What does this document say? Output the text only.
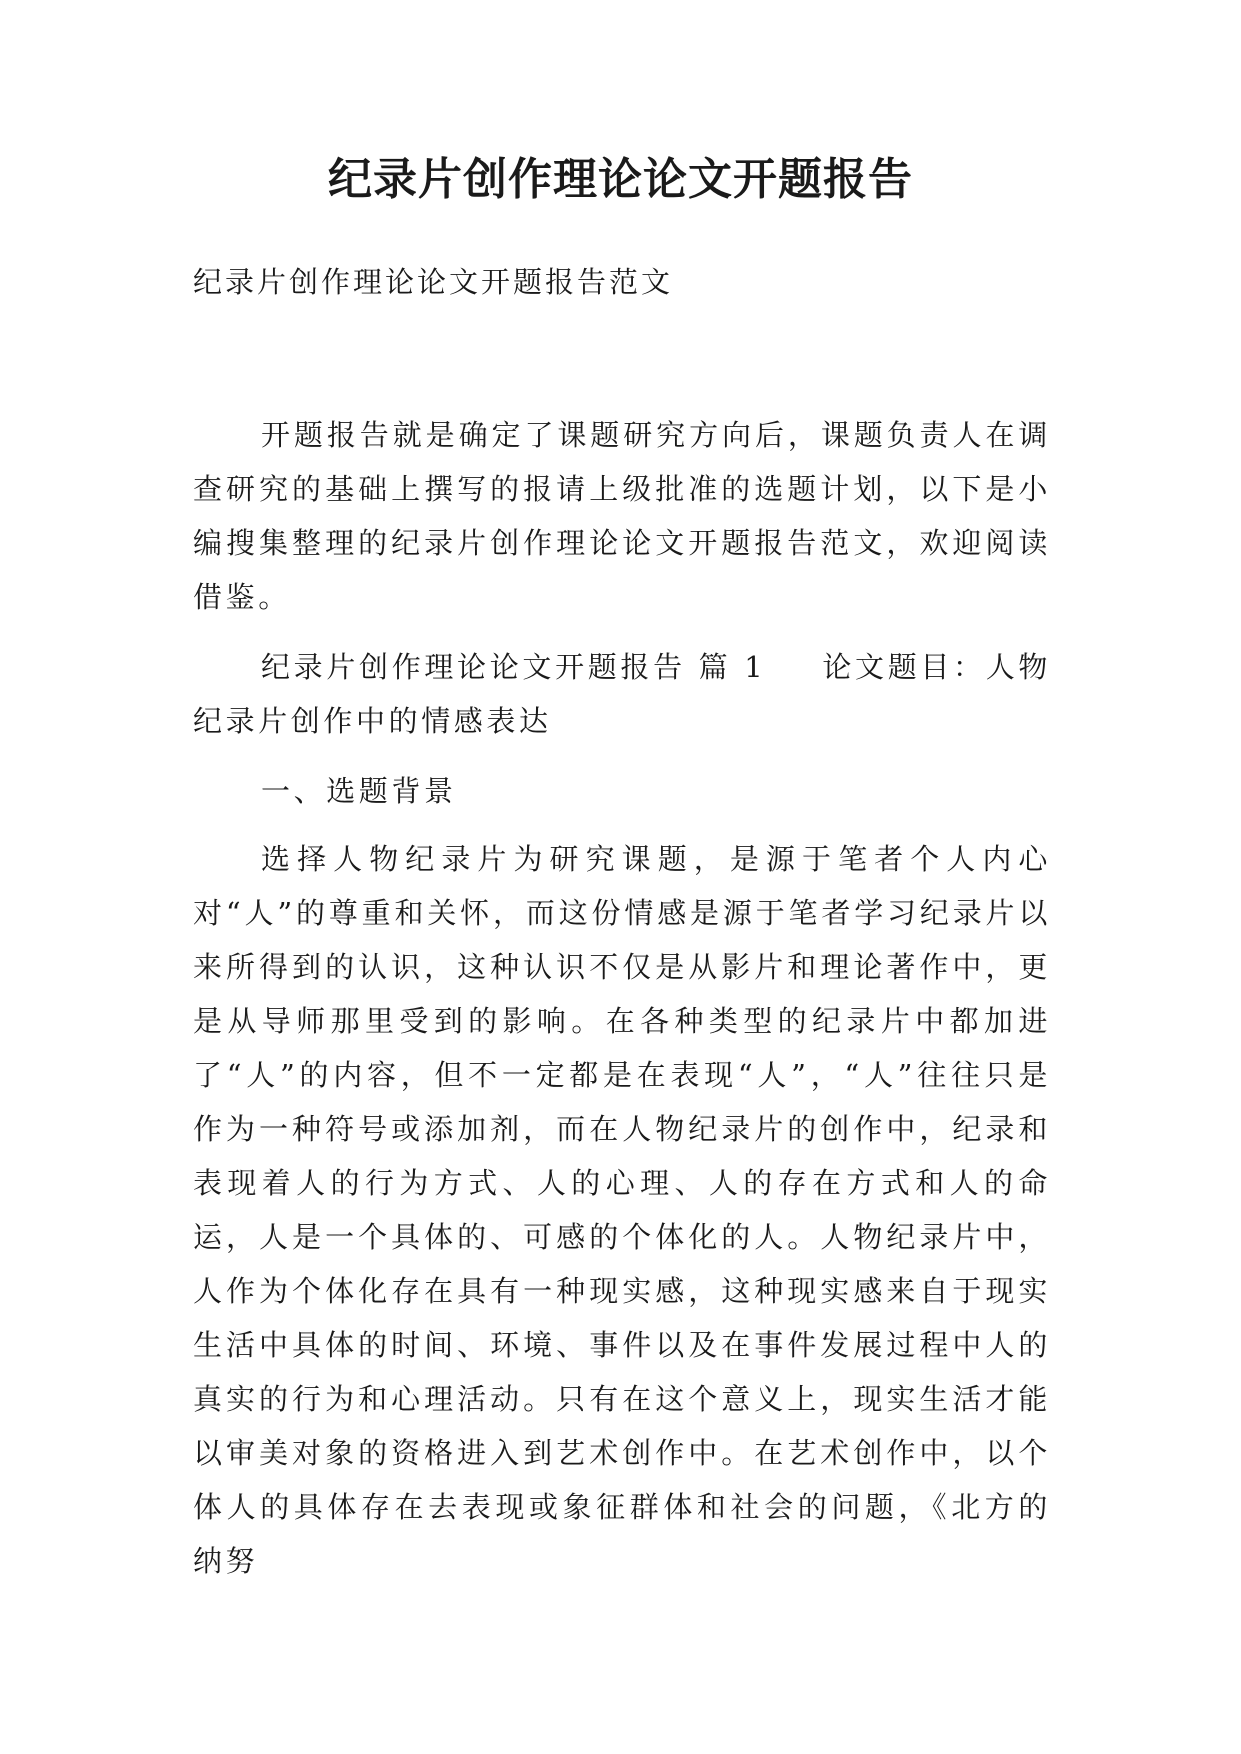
纪录片创作理论论文开题报告

纪录片创作理论论文开题报告范文

开题报告就是确定了课题研究方向后，课题负责人在调查研究的基础上撰写的报请上级批准的选题计划，以下是小编搜集整理的纪录片创作理论论文开题报告范文，欢迎阅读借鉴。

纪录片创作理论论文开题报告 篇 1 论文题目：人物纪录片创作中的情感表达

一、选题背景

选择人物纪录片为研究课题，是源于笔者个人内心对“人”的尊重和关怀，而这份情感是源于笔者学习纪录片以来所得到的认识，这种认识不仅是从影片和理论著作中，更是从导师那里受到的影响。在各种类型的纪录片中都加进了“人”的内容，但不一定都是在表现“人”，“人”往往只是作为一种符号或添加剂，而在人物纪录片的创作中，纪录和表现着人的行为方式、人的心理、人的存在方式和人的命运，人是一个具体的、可感的个体化的人。人物纪录片中，人作为个体化存在具有一种现实感，这种现实感来自于现实生活中具体的时间、环境、事件以及在事件发展过程中人的真实的行为和心理活动。只有在这个意义上，现实生活才能以审美对象的资格进入到艺术创作中。在艺术创作中，以个体人的具体存在去表现或象征群体和社会的问题，《北方的纳努
